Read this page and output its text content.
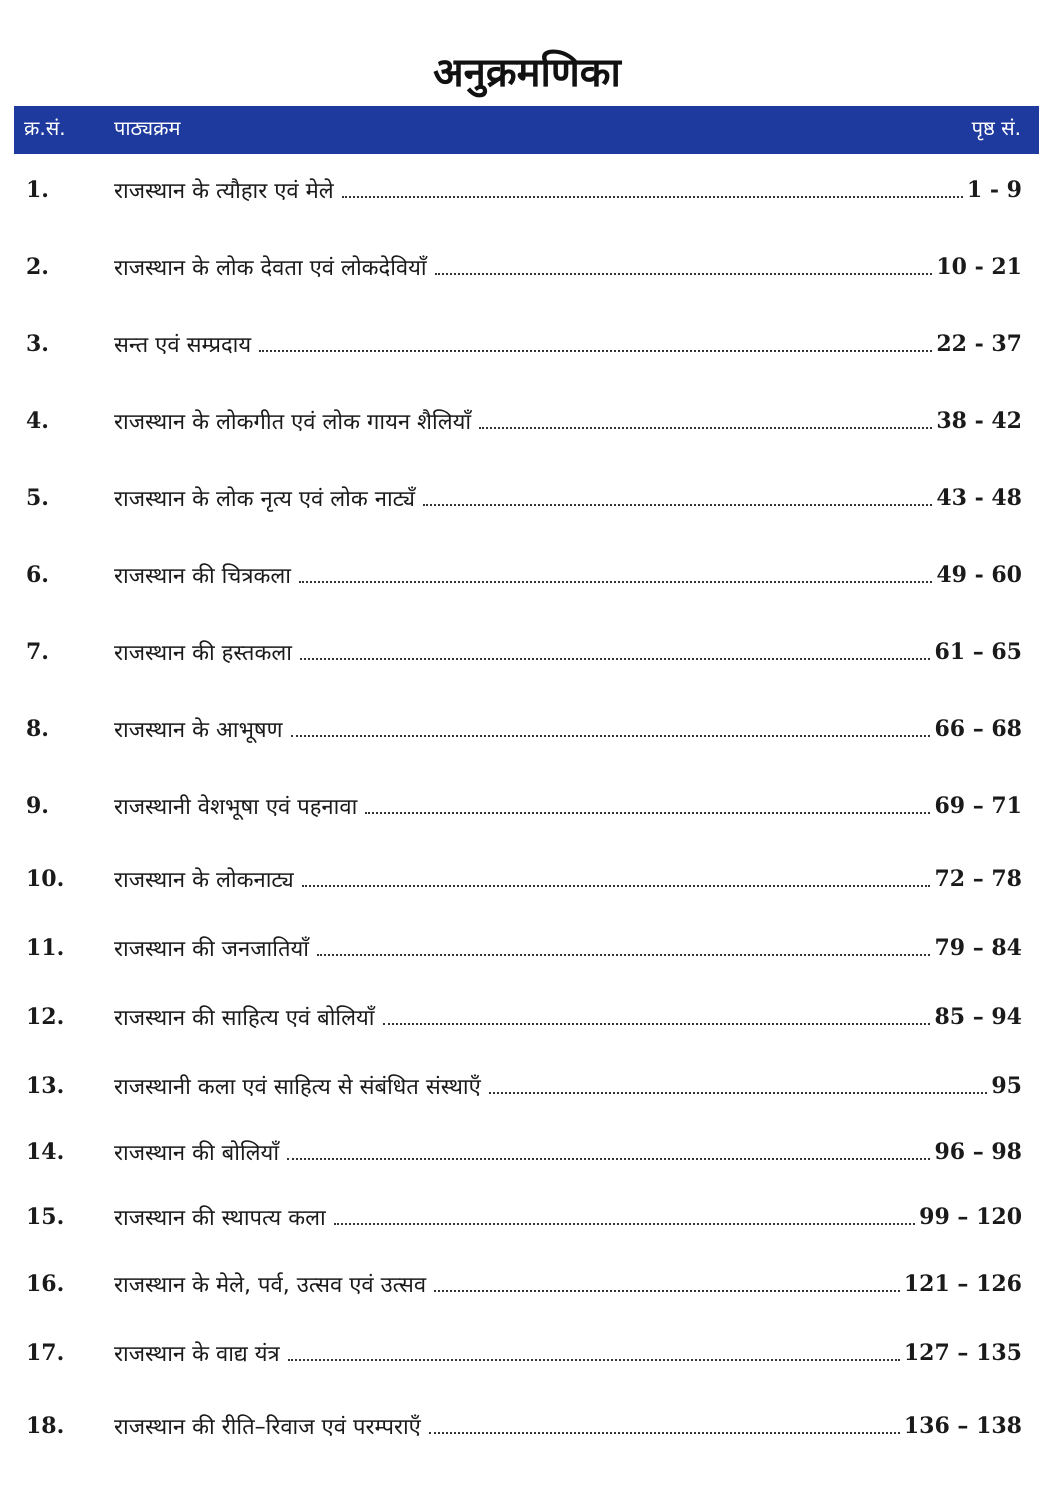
अनुक्रमणिका
क्र.सं. पाठ्यक्रम	पृष्ठ सं.
1.	राजस्थान के त्यौहार एवं मेले	1 - 9
2.	राजस्थान के लोक देवता एवं लोकदेवियाँ	10 - 21
3.	सन्त एवं सम्प्रदाय	22 - 37
4.	राजस्थान के लोकगीत एवं लोक गायन शैलियाँ	38 - 42
5.	राजस्थान के लोक नृत्य एवं लोक नाट्यँ	43 - 48
6.	राजस्थान की चित्रकला	49 - 60
7.	राजस्थान की हस्तकला	61 – 65
8.	राजस्थान के आभूषण	66 – 68
9.	राजस्थानी वेशभूषा एवं पहनावा	69 – 71
10. राजस्थान के लोकनाट्य	72 – 78
11. राजस्थान की जनजातियाँ	79 – 84
12. राजस्थान की साहित्य एवं बोलियाँ	85 – 94
13. राजस्थानी कला एवं साहित्य से संबंधित संस्थाएँ	95
14. राजस्थान की बोलियाँ	96 – 98
15. राजस्थान की स्थापत्य कला	99 – 120
16. राजस्थान के मेले, पर्व, उत्सव एवं उत्सव	121 – 126
17. राजस्थान के वाद्य यंत्र	127 – 135
18. राजस्थान की रीति–रिवाज एवं परम्पराएँ	136 – 138
